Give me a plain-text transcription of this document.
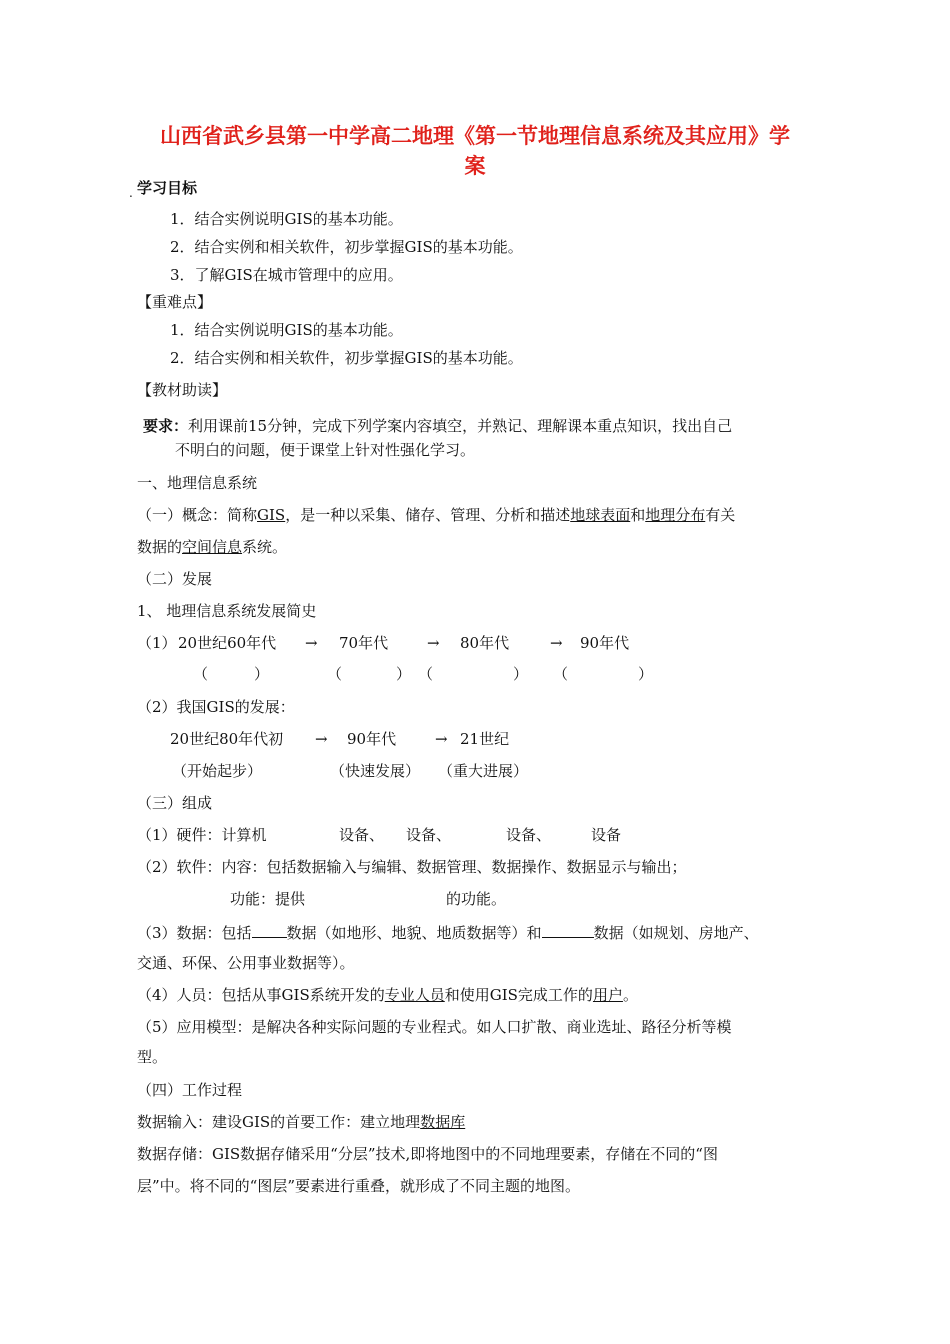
山西省武乡县第一中学高二地理《第一节地理信息系统及其应用》学
案
. 学习目标
1．结合实例说明GIS的基本功能。
2．结合实例和相关软件，初步掌握GIS的基本功能。
3．了解GIS在城市管理中的应用。
【重难点】
1．结合实例说明GIS的基本功能。
2．结合实例和相关软件，初步掌握GIS的基本功能。
【教材助读】
要求：利用课前15分钟，完成下列学案内容填空，并熟记、理解课本重点知识，找出自己
不明白的问题，便于课堂上针对性强化学习。
一、地理信息系统
（一）概念：简称GIS，是一种以采集、储存、管理、分析和描述地球表面和地理分布有关
数据的空间信息系统。
（二）发展
1、 地理信息系统发展简史
（1） 20世纪60年代 → 70年代	→ 80年代	→ 90年代
（	）	（	） （	） （	）
（2）我国GIS的发展：
20世纪80年代初 → 90年代	→ 21世纪
（开始起步）	（快速发展） （重大进展）
（三）组成
（1）硬件：计算机	设备、 设备、	设备、	设备
（2）软件：内容：包括数据输入与编辑、数据管理、数据操作、数据显示与输出；
功能：提供	的功能。
（3）数据：包括 数据（如地形、地貌、地质数据等）和	数据（如规划、房地产、
交通、环保、公用事业数据等）。
（4）人员：包括从事GIS系统开发的专业人员和使用GIS完成工作的用户。
（5）应用模型：是解决各种实际问题的专业程式。如人口扩散、商业选址、路径分析等模
型。
（四）工作过程
数据输入：建设GIS的首要工作：建立地理数据库
数据存储：GIS数据存储采用“分层”技术,即将地图中的不同地理要素，存储在不同的“图
层”中。将不同的“图层”要素进行重叠，就形成了不同主题的地图。
